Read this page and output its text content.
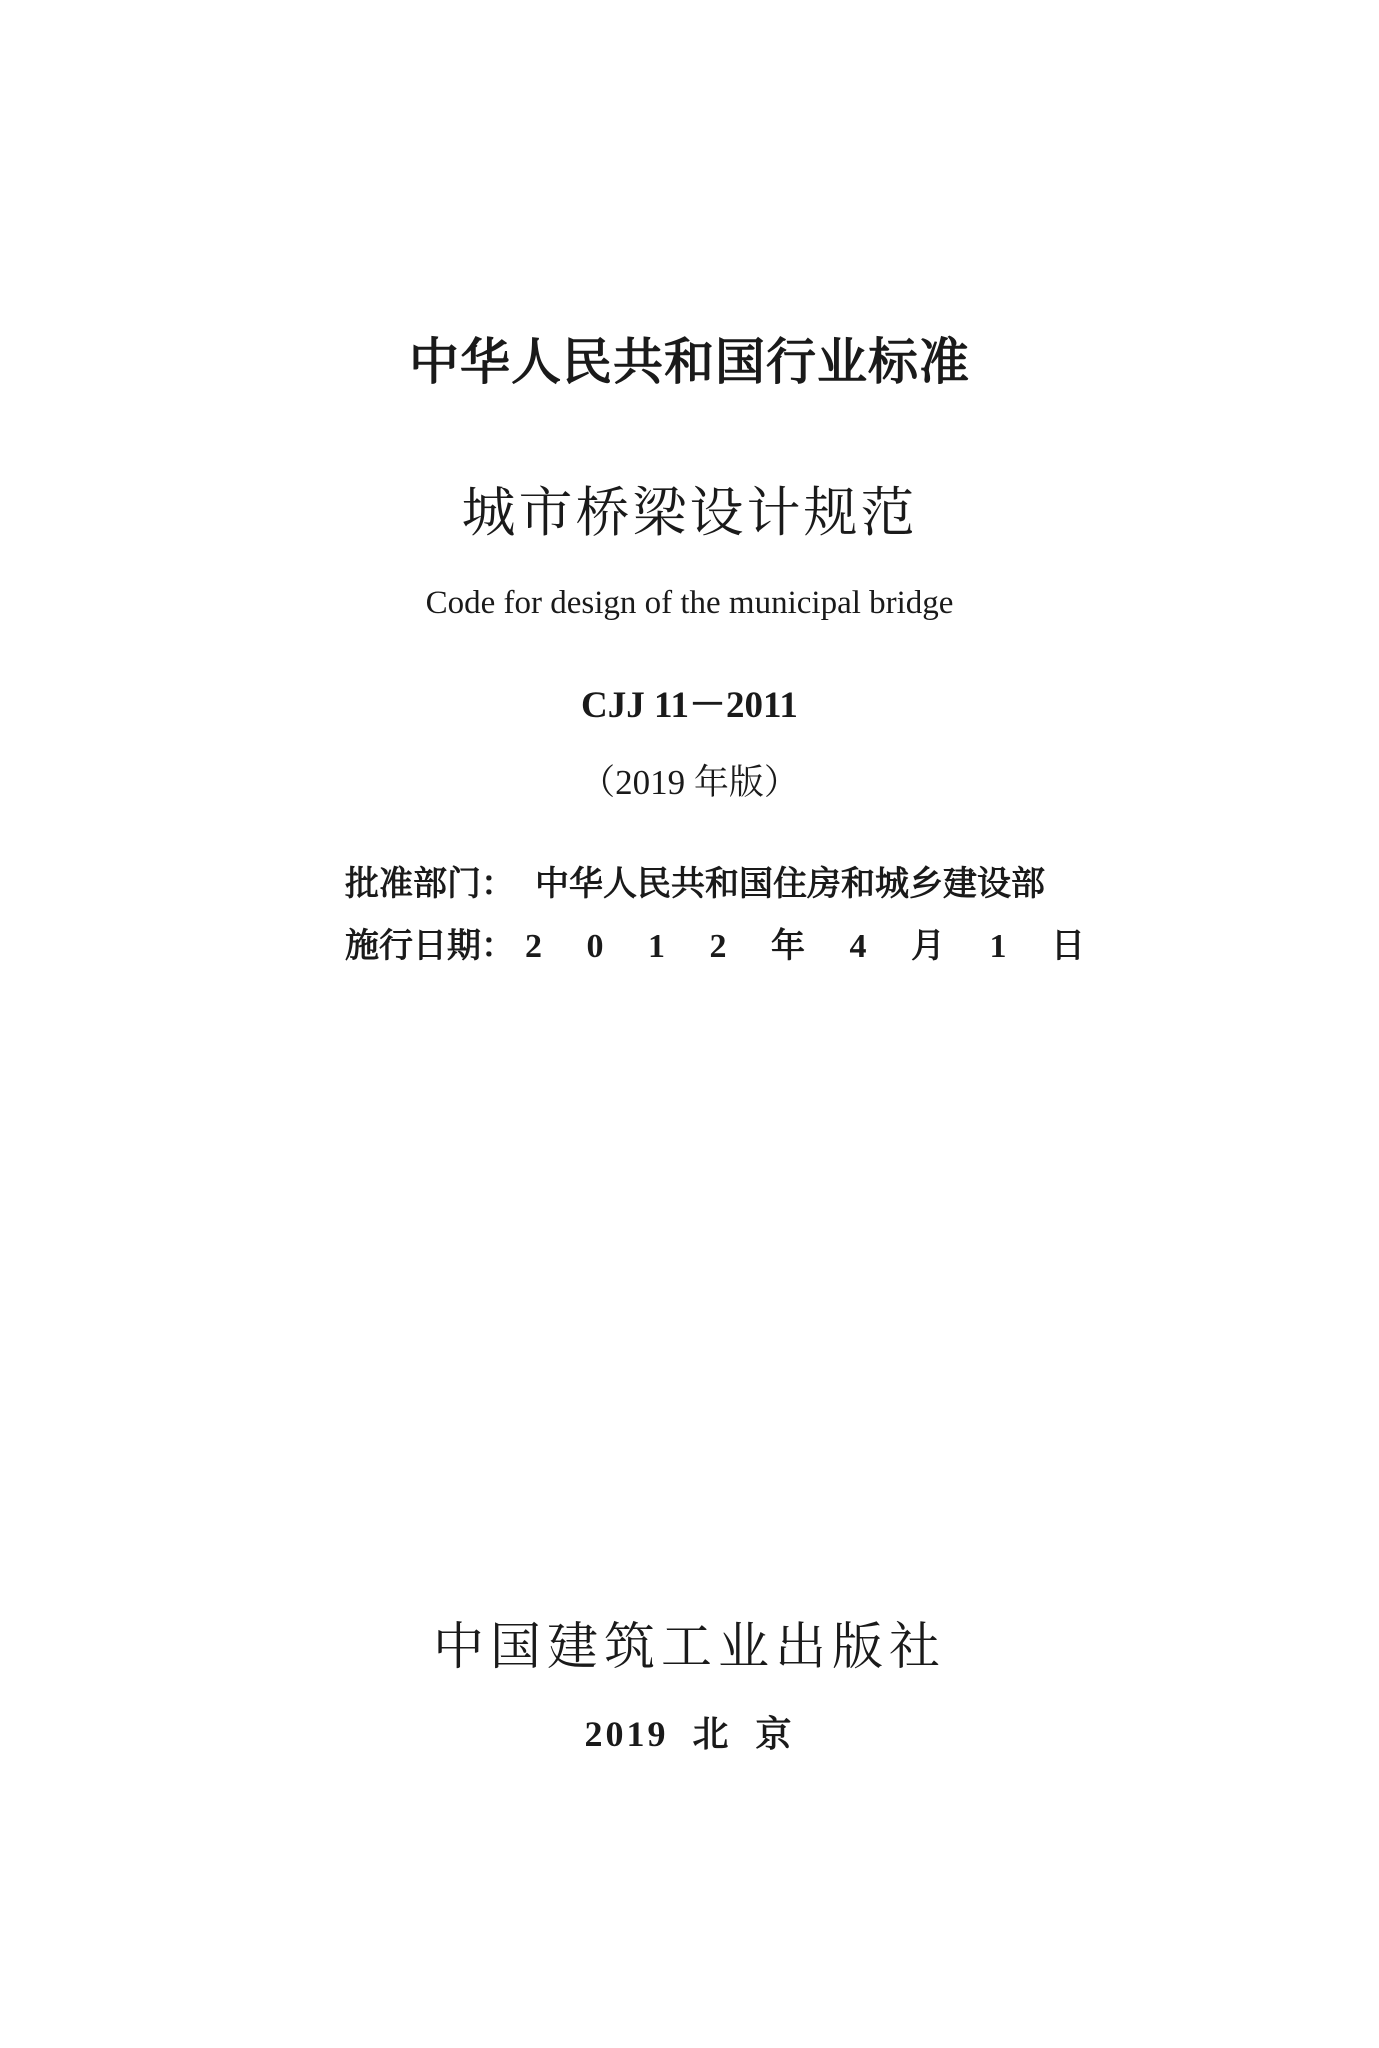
中华人民共和国行业标准
城市桥梁设计规范
Code for design of the municipal bridge
CJJ 11－2011
（2019 年版）
批准部门： 中华人民共和国住房和城乡建设部
施行日期： 2 0 1 2 年 4 月 1 日
中国建筑工业出版社
2019  北  京
